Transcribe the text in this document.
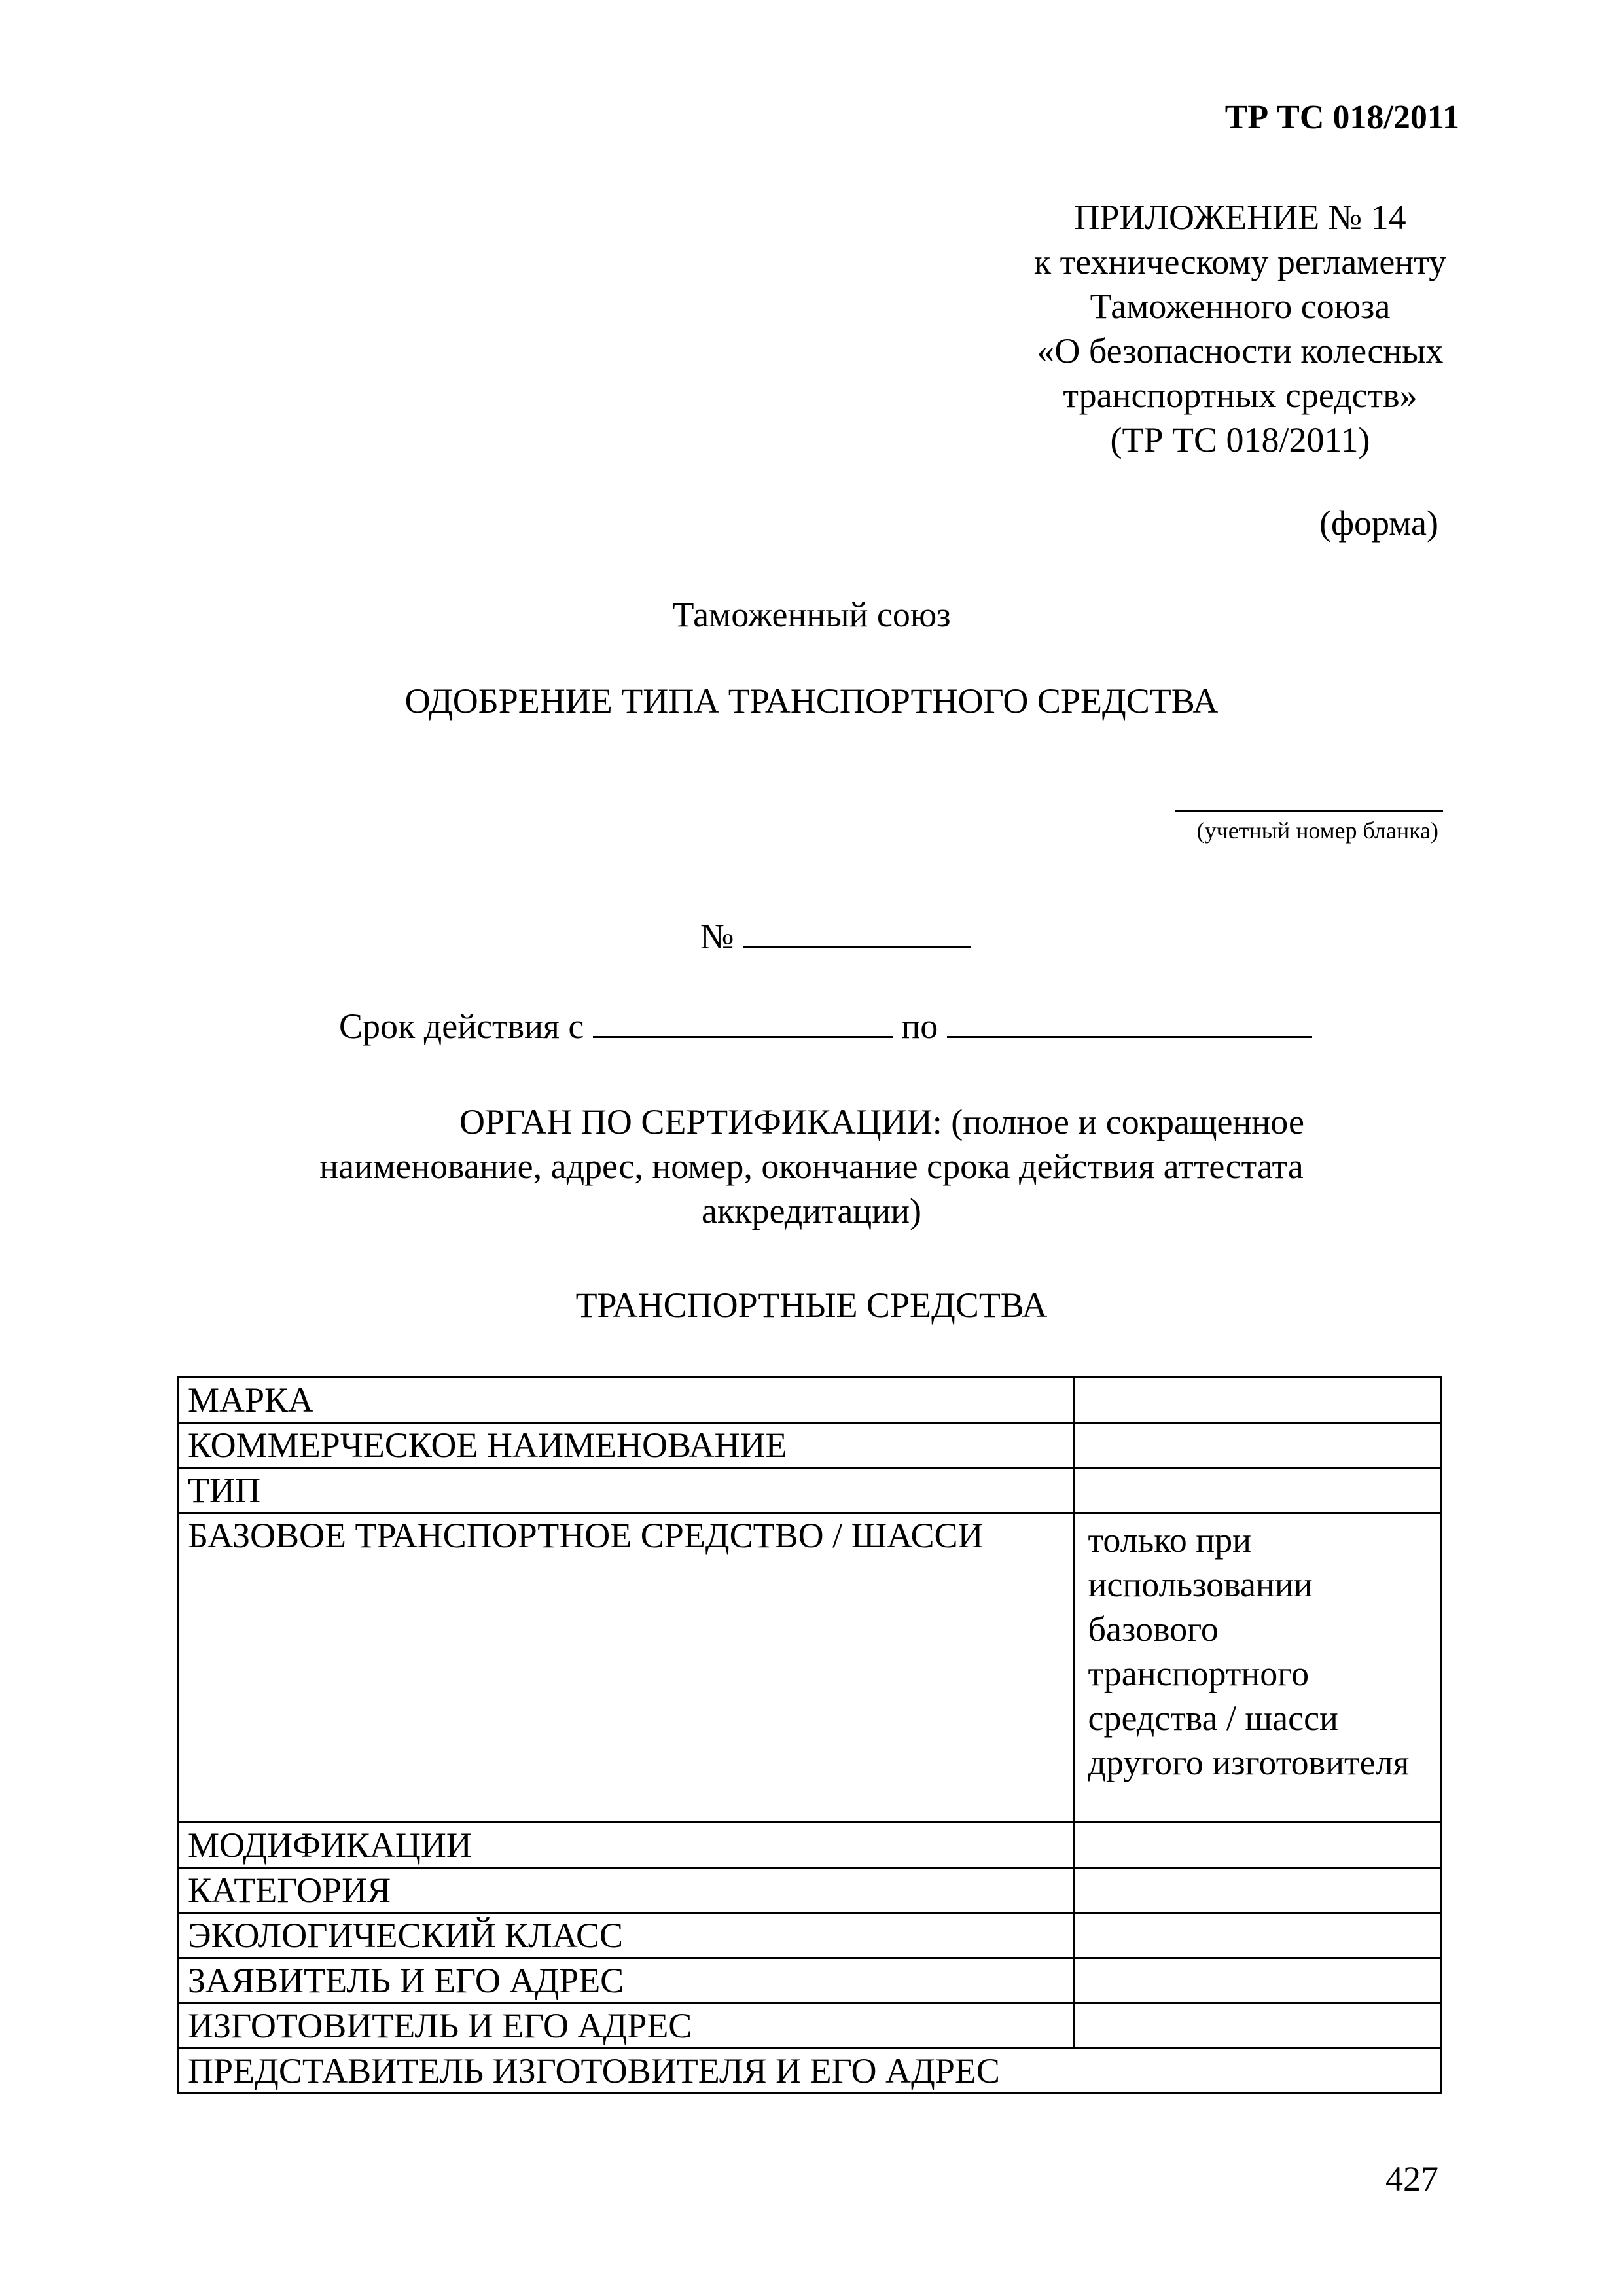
ТР ТС 018/2011
ПРИЛОЖЕНИЕ № 14
к техническому регламенту
Таможенного союза
«О безопасности колесных
транспортных средств»
(ТР ТС 018/2011)
(форма)
Таможенный союз
ОДОБРЕНИЕ ТИПА ТРАНСПОРТНОГО СРЕДСТВА
(учетный номер бланка)
№
Срок действия с	по
ОРГАН ПО СЕРТИФИКАЦИИ: (полное и сокращенное
наименование, адрес, номер, окончание срока действия аттестата
аккредитации)
ТРАНСПОРТНЫЕ СРЕДСТВА
МАРКА	
КОММЕРЧЕСКОЕ НАИМЕНОВАНИЕ	
ТИП	
БАЗОВОЕ ТРАНСПОРТНОЕ СРЕДСТВО / ШАССИ	только при использовании базового транспортного средства / шасси другого изготовителя
МОДИФИКАЦИИ	
КАТЕГОРИЯ	
ЭКОЛОГИЧЕСКИЙ КЛАСС	
ЗАЯВИТЕЛЬ И ЕГО АДРЕС	
ИЗГОТОВИТЕЛЬ И ЕГО АДРЕС	
ПРЕДСТАВИТЕЛЬ ИЗГОТОВИТЕЛЯ И ЕГО АДРЕС	
427
